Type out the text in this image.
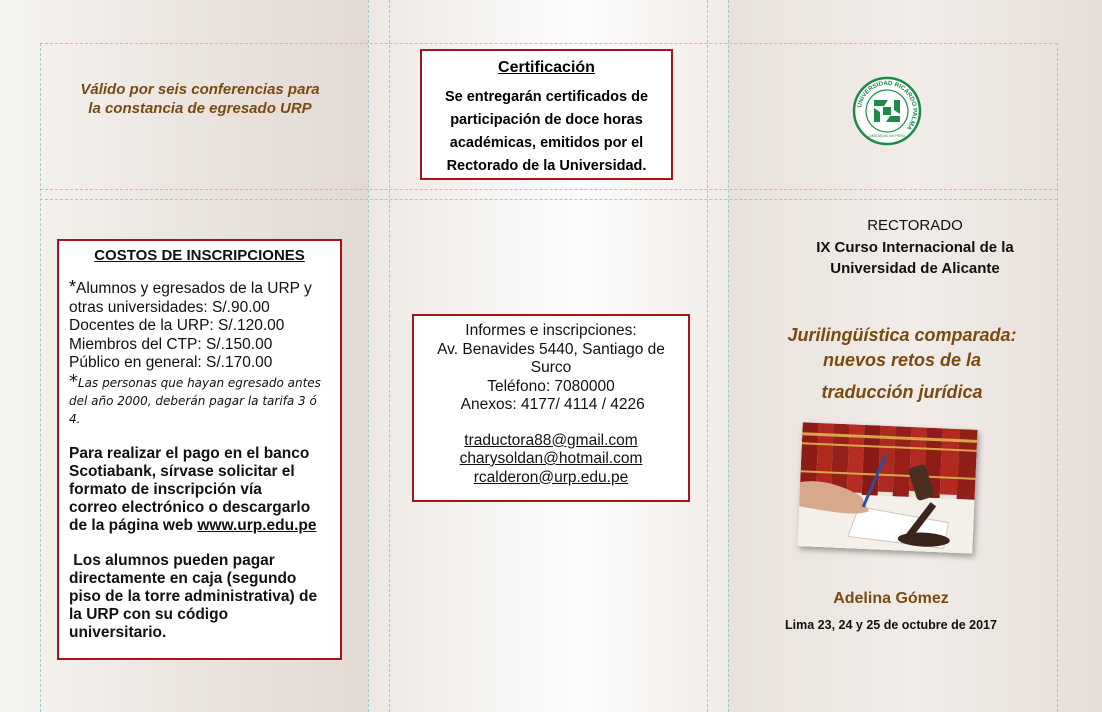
Válido por seis conferencias para
la constancia de egresado URP
COSTOS DE INSCRIPCIONES
*Alumnos y egresados de la URP y
otras universidades: S/.90.00
Docentes de la URP: S/.120.00
Miembros del CTP: S/.150.00
Público en general: S/.170.00
*Las personas que hayan egresado antes
del año 2000, deberán pagar la tarifa 3 ó 4.
Para realizar el pago en el banco
Scotiabank, sírvase solicitar el
formato de inscripción vía
correo electrónico o descargarlo
de la página web www.urp.edu.pe
Los alumnos pueden pagar
directamente en caja (segundo
piso de la torre administrativa) de
la URP con su código
universitario.
Certificación
Se entregarán certificados de
participación de doce horas
académicas, emitidos por el
Rectorado de la Universidad.
Informes e inscripciones:
Av. Benavides 5440, Santiago de
Surco
Teléfono: 7080000
Anexos: 4177/ 4114 / 4226
traductora88@gmail.com
charysoldan@hotmail.com
rcalderon@urp.edu.pe
UNIVERSIDAD RICARDO PALMA
LIMA MCMLXIX PERU
RECTORADO
IX Curso Internacional de la
Universidad de Alicante
Jurilingüística comparada:
nuevos retos de la
traducción jurídica
Adelina Gómez
Lima 23, 24 y 25 de octubre de 2017
